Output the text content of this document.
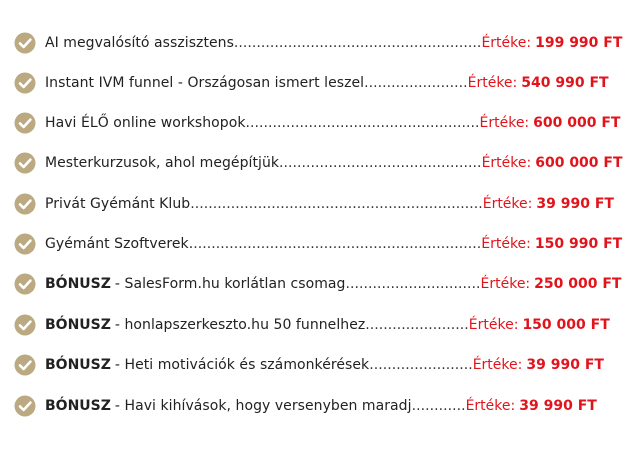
AI megvalósító asszisztens ....................................................... Értéke: 199 990 FT
Instant IVM funnel - Országosan ismert leszel ....................... Értéke: 540 990 FT
Havi ÉLŐ online workshopok .................................................... Értéke: 600 000 FT
Mesterkurzusok, ahol megépítjük ............................................. Értéke: 600 000 FT
Privát Gyémánt Klub ................................................................. Értéke: 39 990 FT
Gyémánt Szoftverek. ................................................................ Értéke: 150 990 FT
BÓNUSZ - SalesForm.hu korlátlan csomag .............................. Értéke: 250 000 FT
BÓNUSZ - honlapszerkeszto.hu 50 funnelhez ....................... Értéke: 150 000 FT
BÓNUSZ - Heti motivációk és számonkérések ....................... Értéke: 39 990 FT
BÓNUSZ - Havi kihívások, hogy versenyben maradj ............ Értéke: 39 990 FT
